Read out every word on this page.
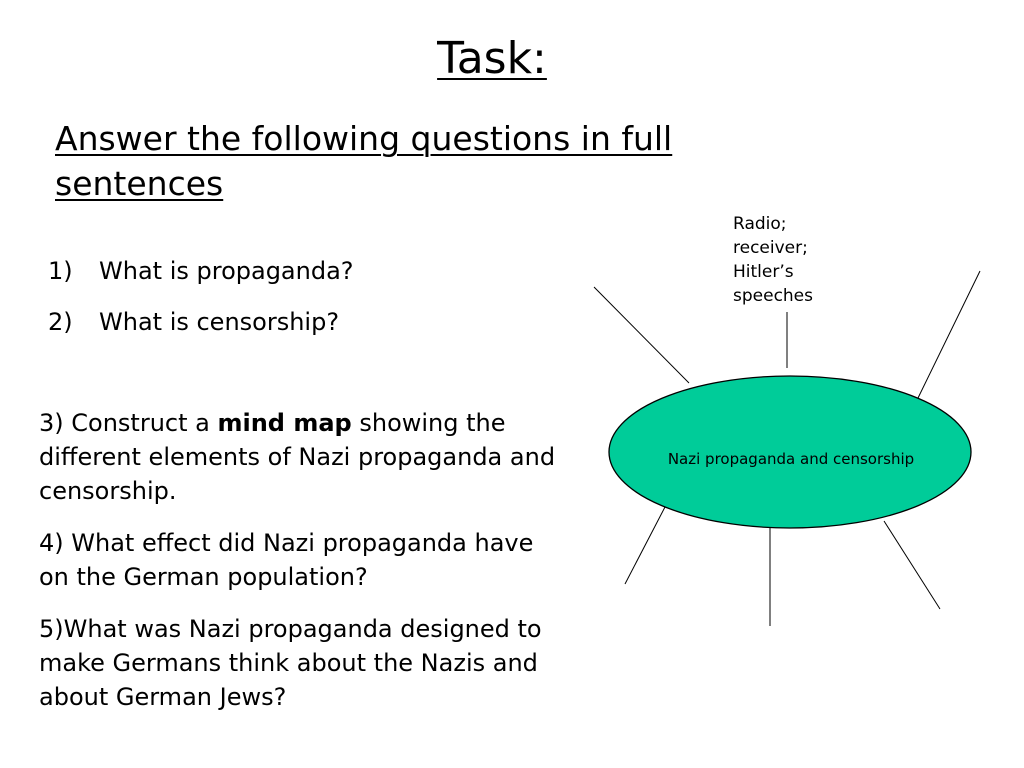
Task:
Answer the following questions in full sentences
1) What is propaganda?
2) What is censorship?

3) Construct a mind map showing the different elements of Nazi propaganda and censorship.

4) What effect did Nazi propaganda have on the German population?

5)What was Nazi propaganda designed to make Germans think about the Nazis and about German Jews?

Nazi propaganda and censorship
Radio; receiver; Hitler’s speeches
